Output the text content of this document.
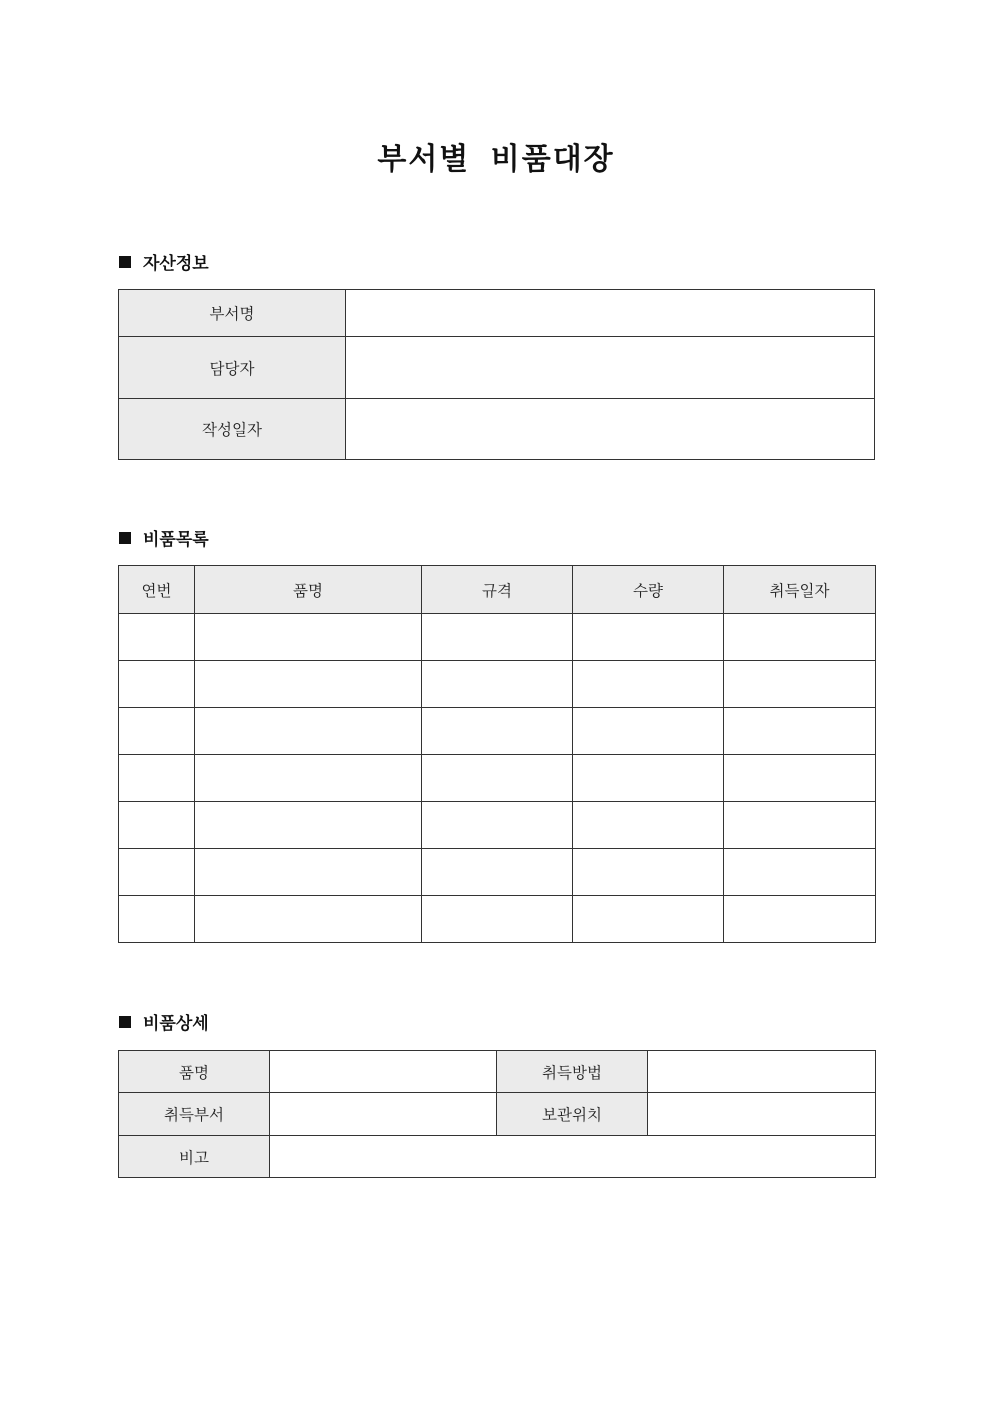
부서별 비품대장
자산정보
부서명	
담당자	
작성일자	
비품목록
연번	품명	규격	수량	취득일자

비품상세
품명		취득방법	
취득부서		보관위치	
비고			
